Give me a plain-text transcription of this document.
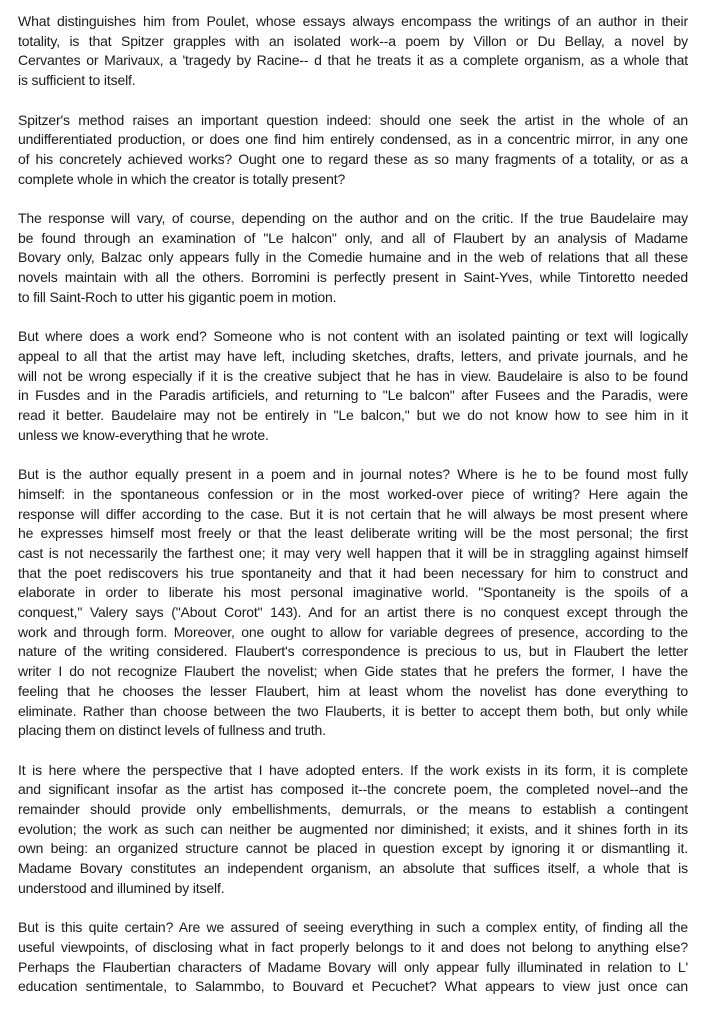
What distinguishes him from Poulet, whose essays always encompass the writings of an author in their
totality, is that Spitzer grapples with an isolated work--a poem by Villon or Du Bellay, a novel by
Cervantes or Marivaux, a 'tragedy by Racine-- d that he treats it as a complete organism, as a whole that
is sufficient to itself.
Spitzer's method raises an important question indeed: should one seek the artist in the whole of an
undifferentiated production, or does one find him entirely condensed, as in a concentric mirror, in any one
of his concretely achieved works? Ought one to regard these as so many fragments of a totality, or as a
complete whole in which the creator is totally present?
The response will vary, of course, depending on the author and on the critic. If the true Baudelaire may
be found through an examination of "Le halcon" only, and all of Flaubert by an analysis of Madame
Bovary only, Balzac only appears fully in the Comedie humaine and in the web of relations that all these
novels maintain with all the others. Borromini is perfectly present in Saint-Yves, while Tintoretto needed
to fill Saint-Roch to utter his gigantic poem in motion.
But where does a work end? Someone who is not content with an isolated painting or text will logically
appeal to all that the artist may have left, including sketches, drafts, letters, and private journals, and he
will not be wrong especially if it is the creative subject that he has in view. Baudelaire is also to be found
in Fusdes and in the Paradis artificiels, and returning to "Le balcon" after Fusees and the Paradis, were
read it better. Baudelaire may not be entirely in "Le balcon," but we do not know how to see him in it
unless we know-everything that he wrote.
But is the author equally present in a poem and in journal notes? Where is he to be found most fully
himself: in the spontaneous confession or in the most worked-over piece of writing? Here again the
response will differ according to the case. But it is not certain that he will always be most present where
he expresses himself most freely or that the least deliberate writing will be the most personal; the first
cast is not necessarily the farthest one; it may very well happen that it will be in straggling against himself
that the poet rediscovers his true spontaneity and that it had been necessary for him to construct and
elaborate in order to liberate his most personal imaginative world. "Spontaneity is the spoils of a
conquest," Valery says ("About Corot" 143). And for an artist there is no conquest except through the
work and through form. Moreover, one ought to allow for variable degrees of presence, according to the
nature of the writing considered. Flaubert's correspondence is precious to us, but in Flaubert the letter
writer I do not recognize Flaubert the novelist; when Gide states that he prefers the former, I have the
feeling that he chooses the lesser Flaubert, him at least whom the novelist has done everything to
eliminate. Rather than choose between the two Flauberts, it is better to accept them both, but only while
placing them on distinct levels of fullness and truth.
It is here where the perspective that I have adopted enters. If the work exists in its form, it is complete
and significant insofar as the artist has composed it--the concrete poem, the completed novel--and the
remainder should provide only embellishments, demurrals, or the means to establish a contingent
evolution; the work as such can neither be augmented nor diminished; it exists, and it shines forth in its
own being: an organized structure cannot be placed in question except by ignoring it or dismantling it.
Madame Bovary constitutes an independent organism, an absolute that suffices itself, a whole that is
understood and illumined by itself.
But is this quite certain? Are we assured of seeing everything in such a complex entity, of finding all the
useful viewpoints, of disclosing what in fact properly belongs to it and does not belong to anything else?
Perhaps the Flaubertian characters of Madame Bovary will only appear fully illuminated in relation to L'
education sentimentale, to Salammbo, to Bouvard et Pecuchet? What appears to view just once can
